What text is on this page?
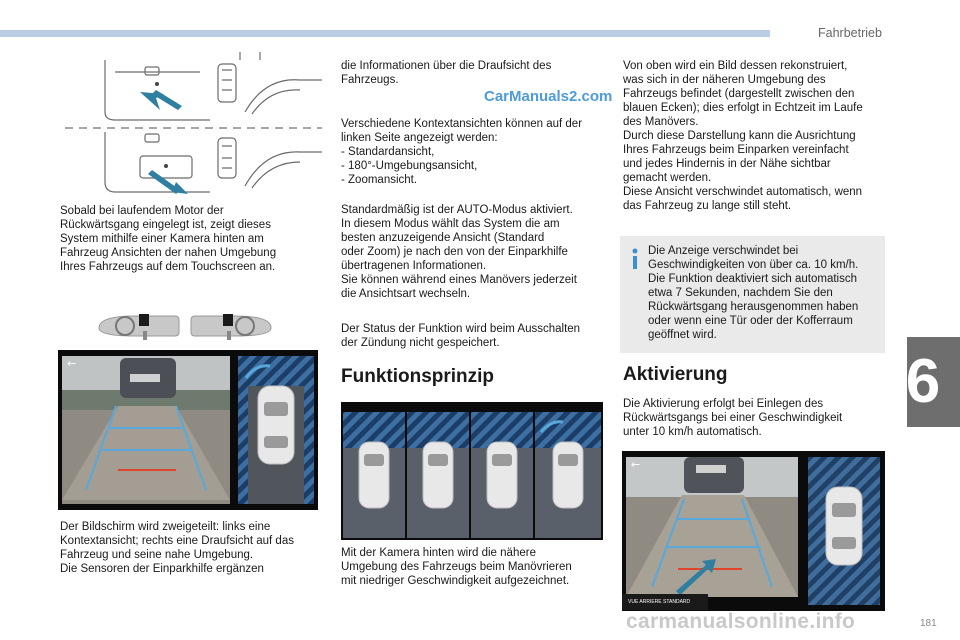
Fahrbetrieb
6
CarManuals2.com

Sobald bei laufendem Motor der

Rückwärtsgang eingelegt ist, zeigt dieses

System mithilfe einer Kamera hinten am

Fahrzeug Ansichten der nahen Umgebung

Ihres Fahrzeugs auf dem Touchscreen an.

←

Der Bildschirm wird zweigeteilt: links eine

Kontextansicht; rechts eine Draufsicht auf das

Fahrzeug und seine nahe Umgebung.

Die Sensoren der Einparkhilfe ergänzen

die Informationen über die Draufsicht des

Fahrzeugs.

Verschiedene Kontextansichten können auf der

linken Seite angezeigt werden:

- Standardansicht,

- 180°-Umgebungsansicht,

- Zoomansicht.

Standardmäßig ist der AUTO-Modus aktiviert.

In diesem Modus wählt das System die am

besten anzuzeigende Ansicht (Standard

oder Zoom) je nach den von der Einparkhilfe

übertragenen Informationen.

Sie können während eines Manövers jederzeit

die Ansichtsart wechseln.

Der Status der Funktion wird beim Ausschalten

der Zündung nicht gespeichert.

Funktionsprinzip

Mit der Kamera hinten wird die nähere

Umgebung des Fahrzeugs beim Manövrieren

mit niedriger Geschwindigkeit aufgezeichnet.

Von oben wird ein Bild dessen rekonstruiert,

was sich in der näheren Umgebung des

Fahrzeugs befindet (dargestellt zwischen den

blauen Ecken); dies erfolgt in Echtzeit im Laufe

des Manövers.

Durch diese Darstellung kann die Ausrichtung

Ihres Fahrzeugs beim Einparken vereinfacht

und jedes Hindernis in der Nähe sichtbar

gemacht werden.

Diese Ansicht verschwindet automatisch, wenn

das Fahrzeug zu lange still steht.

Die Anzeige verschwindet bei

Geschwindigkeiten von über ca. 10 km/h.

Die Funktion deaktiviert sich automatisch

etwa 7 Sekunden, nachdem Sie den

Rückwärtsgang herausgenommen haben

oder wenn eine Tür oder der Kofferraum

geöffnet wird.

Aktivierung

Die Aktivierung erfolgt bei Einlegen des

Rückwärtsgangs bei einer Geschwindigkeit

unter 10 km/h automatisch.

←
VUE ARRIERE STANDARD
carmanualsonline.info	181
